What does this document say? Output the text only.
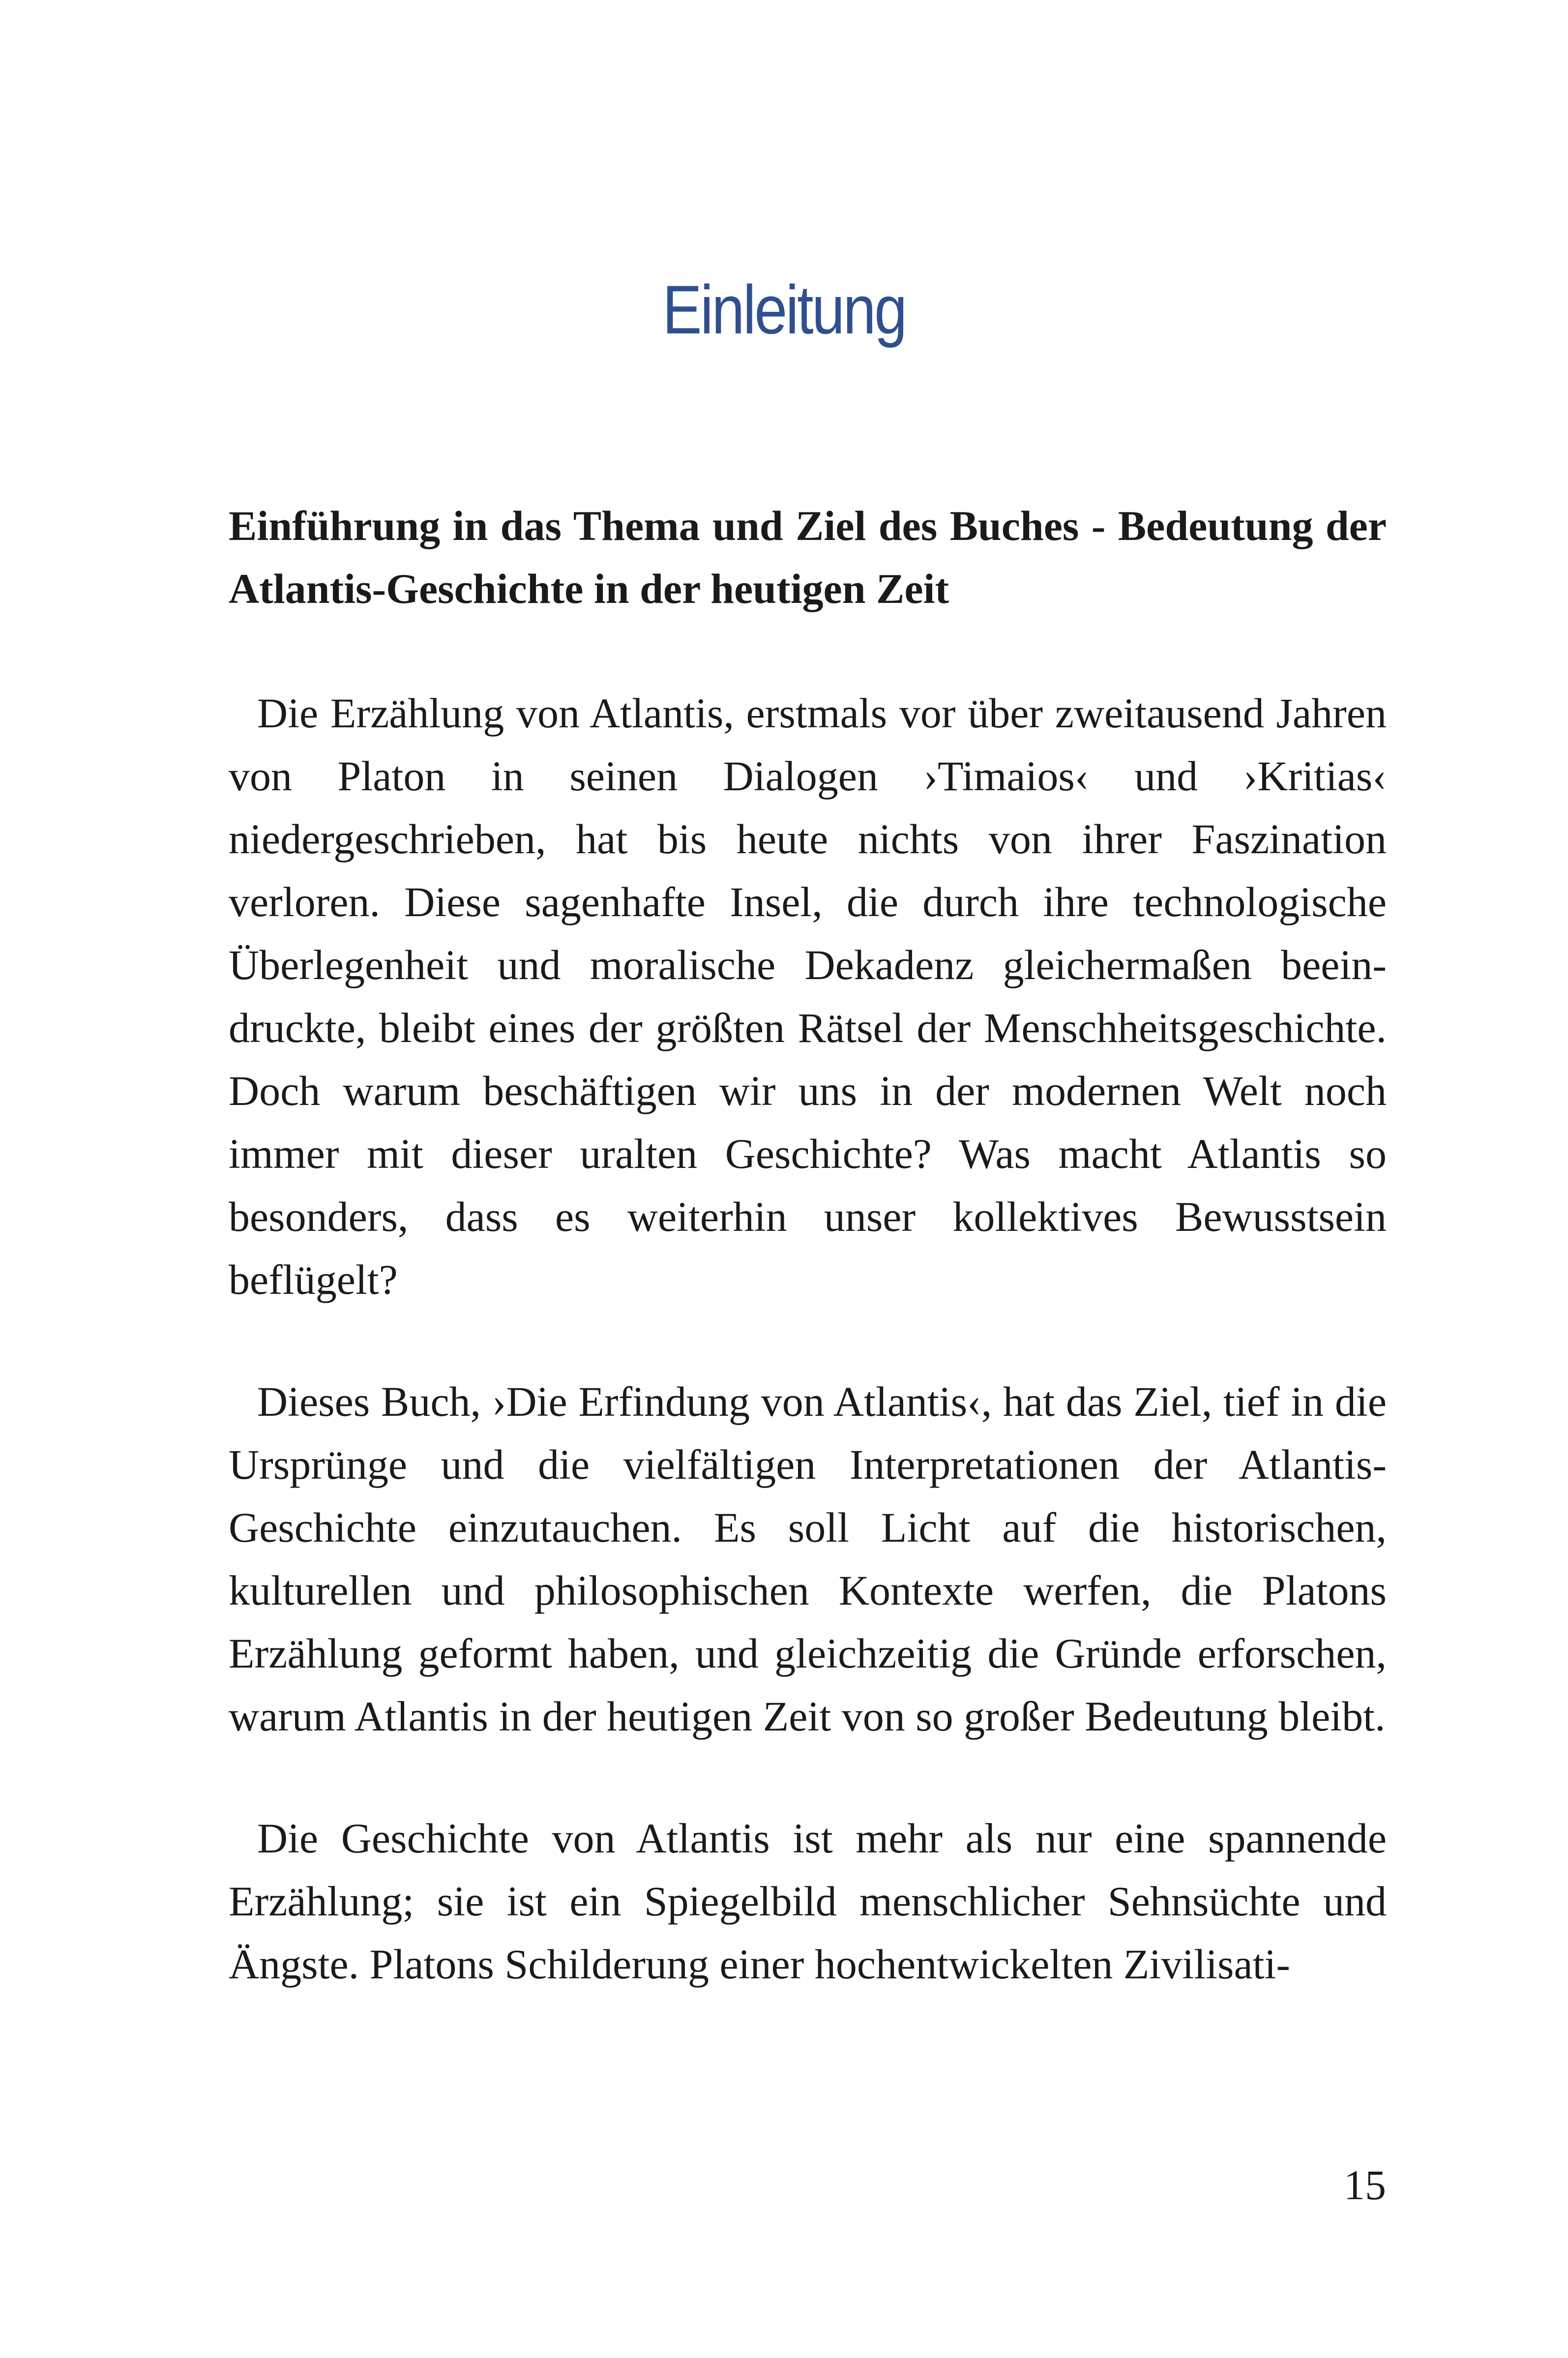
Einleitung
Einführung in das Thema und Ziel des Buches - Bedeutung der Atlantis-Geschichte in der heutigen Zeit

Die Erzählung von Atlantis, erstmals vor über zweitausend Jahren von Platon in seinen Dialogen ›Timaios‹ und ›Kritias‹ niedergeschrieben, hat bis heute nichts von ihrer Faszination verloren. Diese sagenhafte Insel, die durch ihre technologische Überlegenheit und moralische Dekadenz gleichermaßen beeindruckte, bleibt eines der größten Rätsel der Menschheitsgeschichte. Doch warum beschäftigen wir uns in der modernen Welt noch immer mit dieser uralten Geschichte? Was macht Atlantis so besonders, dass es weiterhin unser kollektives Bewusstsein beflügelt?

Dieses Buch, ›Die Erfindung von Atlantis‹, hat das Ziel, tief in die Ursprünge und die vielfältigen Interpretationen der Atlantis-Geschichte einzutauchen. Es soll Licht auf die historischen, kulturellen und philosophischen Kontexte werfen, die Platons Erzählung geformt haben, und gleichzeitig die Gründe erforschen, warum Atlantis in der heutigen Zeit von so großer Bedeutung bleibt.

Die Geschichte von Atlantis ist mehr als nur eine spannende Erzählung; sie ist ein Spiegelbild menschlicher Sehnsüchte und Ängste. Platons Schilderung einer hochentwickelten Zivilisati-

15
